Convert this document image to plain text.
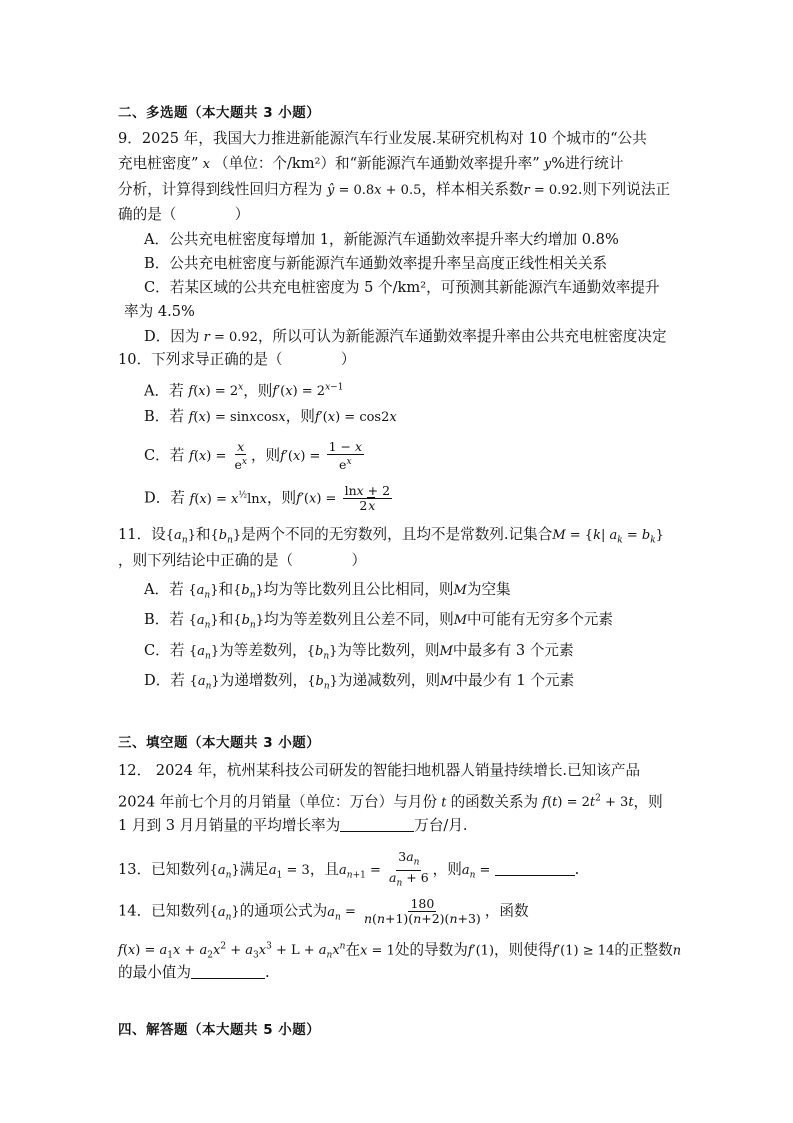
二、多选题（本大题共 3 小题）
9．2025 年，我国大力推进新能源汽车行业发展.某研究机构对 10 个城市的“公共
充电桩密度” x （单位：个/km²）和“新能源汽车通勤效率提升率” y%进行统计
分析，计算得到线性回归方程为 ŷ = 0.8x + 0.5，样本相关系数r = 0.92.则下列说法正
确的是（　　　　）
A．公共充电桩密度每增加 1，新能源汽车通勤效率提升率大约增加 0.8%
B．公共充电桩密度与新能源汽车通勤效率提升率呈高度正线性相关关系
C．若某区域的公共充电桩密度为 5 个/km²，可预测其新能源汽车通勤效率提升
率为 4.5%
D．因为 r = 0.92，所以可认为新能源汽车通勤效率提升率由公共充电桩密度决定
10．下列求导正确的是（　　　　）
A．若 $f(x) = 2^x$，则$f'(x) = 2^{x-1}$
B．若 f(x) = sinxcosx，则f′(x) = cos2x
C．若 $f(x) = \frac{x}{e^x}$ ，则$f'(x) = \frac{1 - x}{e^x}$
D．若 $f(x) = x^{\frac{1}{2}}\ln x$，则$f'(x) = \frac{\ln x + 2}{2x}$
11．设$\{a_n\}$和$\{b_n\}$是两个不同的无穷数列，且均不是常数列.记集合M = {k| $a_k = b_k$}
，则下列结论中正确的是（　　　　）
A．若 $\{a_n\}$和$\{b_n\}$均为等比数列且公比相同，则M为空集
B．若 $\{a_n\}$和$\{b_n\}$均为等差数列且公差不同，则M中可能有无穷多个元素
C．若 $\{a_n\}$为等差数列，$\{b_n\}$为等比数列，则M中最多有 3 个元素
D．若 $\{a_n\}$为递增数列，$\{b_n\}$为递减数列，则M中最少有 1 个元素
三、填空题（本大题共 3 小题）
12． 2024 年，杭州某科技公司研发的智能扫地机器人销量持续增长.已知该产品
2024 年前七个月的月销量（单位：万台）与月份 t 的函数关系为 $f(t) = 2t^2 + 3t$，则
1 月到 3 月月销量的平均增长率为	万台/月.
13．已知数列$\{a_n\}$满足$a_1 = 3$，且$a_{n+1} = \frac{3a_n}{a_n + 6}$ ，则$a_n$ =	.
14．已知数列$\{a_n\}$的通项公式为$a_n = \frac{180}{n(n+1)(n+2)(n+3)}$ ，函数
$f(x) = a_1x + a_2x^2 + a_3x^3 + L + a_nx^n$在x = 1处的导数为f′(1)，则使得f′(1) ≥ 14的正整数n
的最小值为	.
四、解答题（本大题共 5 小题）
